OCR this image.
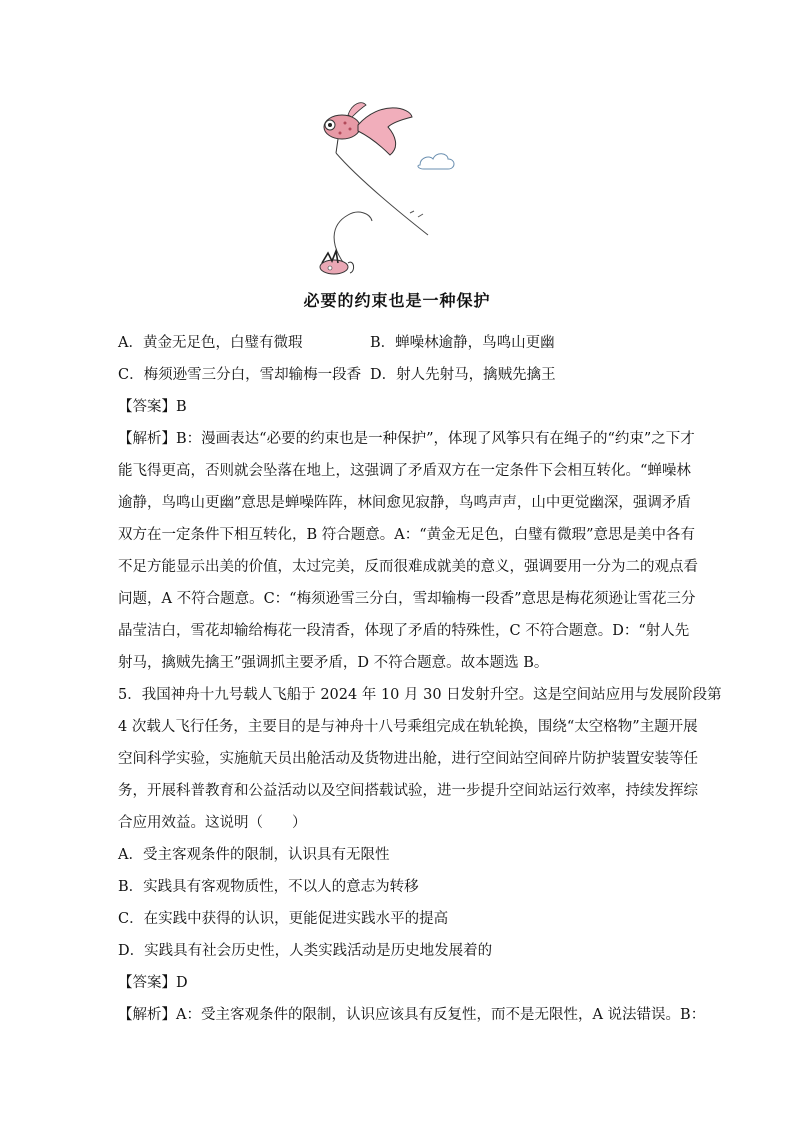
必要的约束也是一种保护
A．黄金无足色，白璧有微瑕	B．蝉噪林逾静，鸟鸣山更幽
C．梅须逊雪三分白，雪却输梅一段香 D．射人先射马，擒贼先擒王
【答案】B
【解析】B：漫画表达“必要的约束也是一种保护”，体现了风筝只有在绳子的“约束”之下才
能飞得更高，否则就会坠落在地上，这强调了矛盾双方在一定条件下会相互转化。“蝉噪林
逾静，鸟鸣山更幽”意思是蝉噪阵阵，林间愈见寂静，鸟鸣声声，山中更觉幽深，强调矛盾
双方在一定条件下相互转化，B 符合题意。A：“黄金无足色，白璧有微瑕”意思是美中各有
不足方能显示出美的价值，太过完美，反而很难成就美的意义，强调要用一分为二的观点看
问题，A 不符合题意。C：“梅须逊雪三分白，雪却输梅一段香”意思是梅花须逊让雪花三分
晶莹洁白，雪花却输给梅花一段清香，体现了矛盾的特殊性，C 不符合题意。D：“射人先
射马，擒贼先擒王”强调抓主要矛盾，D 不符合题意。故本题选 B。
5．我国神舟十九号载人飞船于 2024 年 10 月 30 日发射升空。这是空间站应用与发展阶段第
4 次载人飞行任务，主要目的是与神舟十八号乘组完成在轨轮换，围绕“太空格物”主题开展
空间科学实验，实施航天员出舱活动及货物进出舱，进行空间站空间碎片防护装置安装等任
务，开展科普教育和公益活动以及空间搭载试验，进一步提升空间站运行效率，持续发挥综
合应用效益。这说明（　　）
A．受主客观条件的限制，认识具有无限性
B．实践具有客观物质性，不以人的意志为转移
C．在实践中获得的认识，更能促进实践水平的提高
D．实践具有社会历史性，人类实践活动是历史地发展着的
【答案】D
【解析】A：受主客观条件的限制，认识应该具有反复性，而不是无限性，A 说法错误。B：
